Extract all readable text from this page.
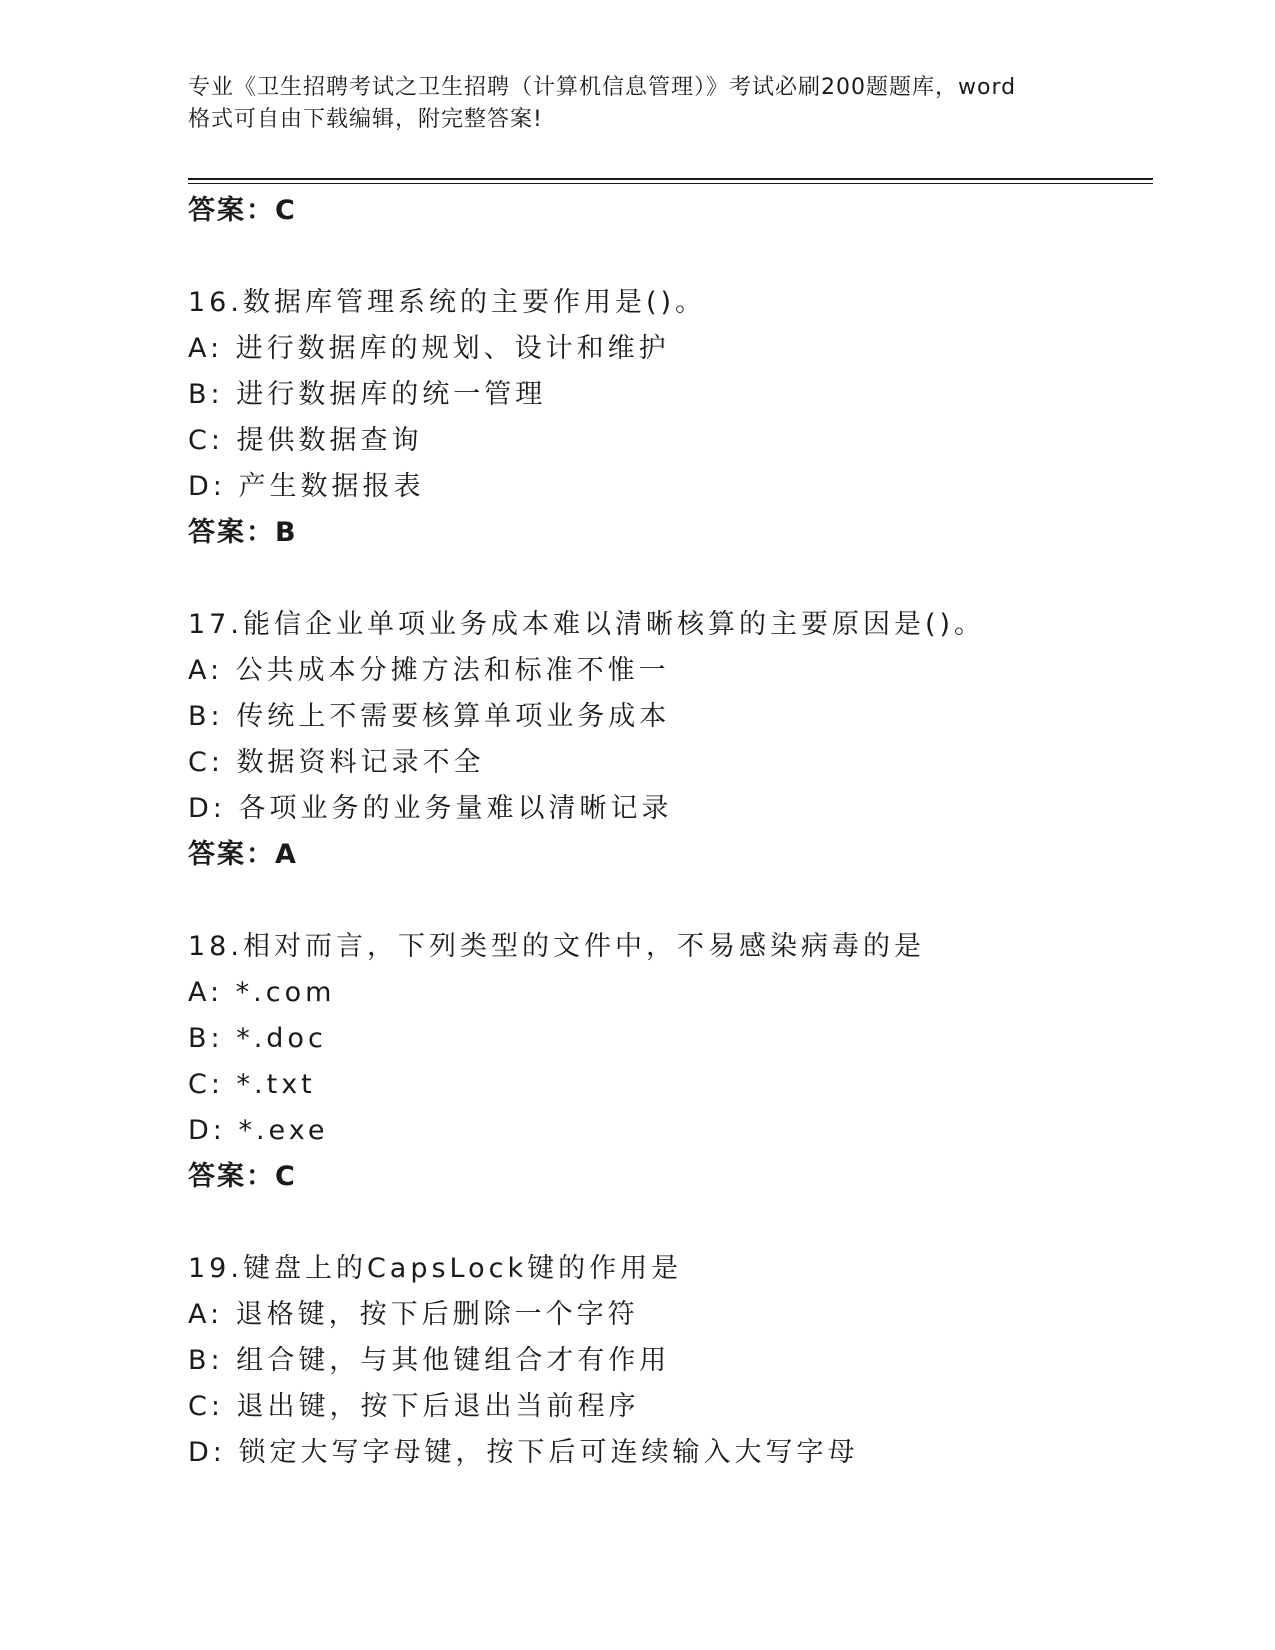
专业《卫生招聘考试之卫生招聘（计算机信息管理）》考试必刷200题题库，word
格式可自由下载编辑，附完整答案!
答案：C
16.数据库管理系统的主要作用是()。
A: 进行数据库的规划、设计和维护
B: 进行数据库的统一管理
C: 提供数据查询
D: 产生数据报表
答案：B
17.能信企业单项业务成本难以清晰核算的主要原因是()。
A: 公共成本分摊方法和标准不惟一
B: 传统上不需要核算单项业务成本
C: 数据资料记录不全
D: 各项业务的业务量难以清晰记录
答案：A
18.相对而言，下列类型的文件中，不易感染病毒的是
A: *.com
B: *.doc
C: *.txt
D: *.exe
答案：C
19.键盘上的CapsLock键的作用是
A: 退格键，按下后删除一个字符
B: 组合键，与其他键组合才有作用
C: 退出键，按下后退出当前程序
D: 锁定大写字母键，按下后可连续输入大写字母
